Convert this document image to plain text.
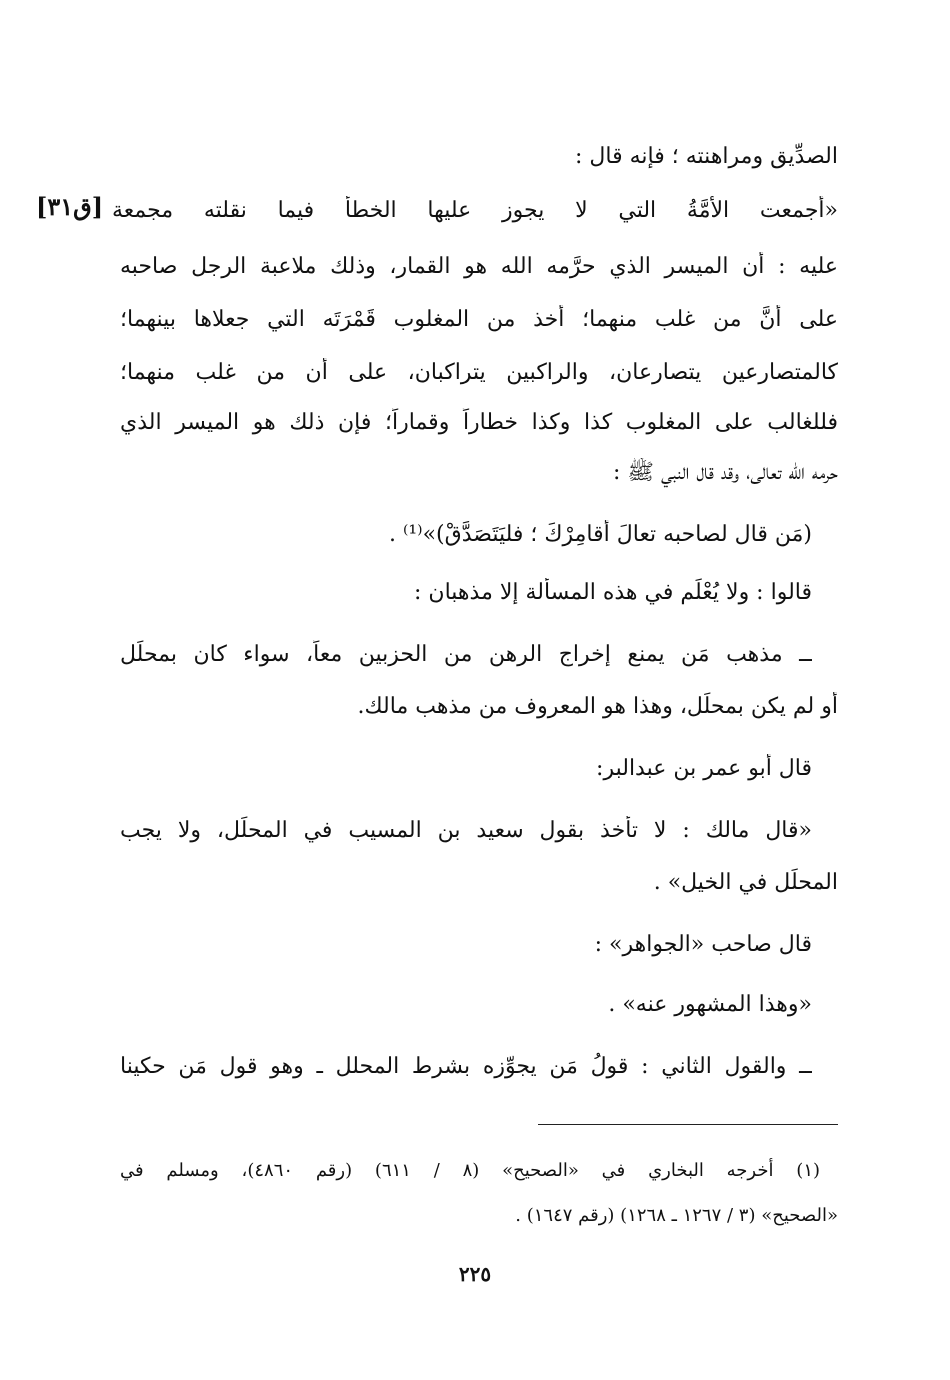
الصدِّيق ومراهنته ؛ فإنه قال :
«أجمعت الأمَّةُ التي لا يجوز عليها الخطأ فيما نقلته مجمعة
[ق٣١]
عليه : أن الميسر الذي حرَّمه الله هو القمار، وذلك ملاعبة الرجل صاحبه
على أنَّ من غلب منهما؛ أخذ من المغلوب قَمْرَتَه التي جعلاها بينهما؛
كالمتصارعين يتصارعان، والراكبين يتراكبان، على أن من غلب منهما؛
فللغالب على المغلوب كذا وكذا خطاراً وقماراً؛ فإن ذلك هو الميسر الذي
حرمه الله تعالى، وقد قال النبي ﷺ :
(مَن قال لصاحبه تعالَ أقامِرْكَ ؛ فليَتَصَدَّقْ)»⁽¹⁾ .
قالوا : ولا يُعْلَم في هذه المسألة إلا مذهبان :
ــ مذهب مَن يمنع إخراج الرهن من الحزبين معاً، سواء كان بمحلِّل
أو لم يكن بمحلِّل، وهذا هو المعروف من مذهب مالك.
قال أبو عمر بن عبدالبر:
«قال مالك : لا تأخذ بقول سعيد بن المسيب في المحلِّل، ولا يجب
المحلِّل في الخيل» .
قال صاحب «الجواهر» :
«وهذا المشهور عنه» .
ــ والقول الثاني : قولُ مَن يجوِّزه بشرط المحلل ـ وهو قول مَن حكينا
(١) أخرجه البخاري في «الصحيح» (٨ / ٦١١) (رقم ٤٨٦٠)، ومسلم في
«الصحيح» (٣ / ١٢٦٧ ـ ١٢٦٨) (رقم ١٦٤٧) .
٢٢٥
